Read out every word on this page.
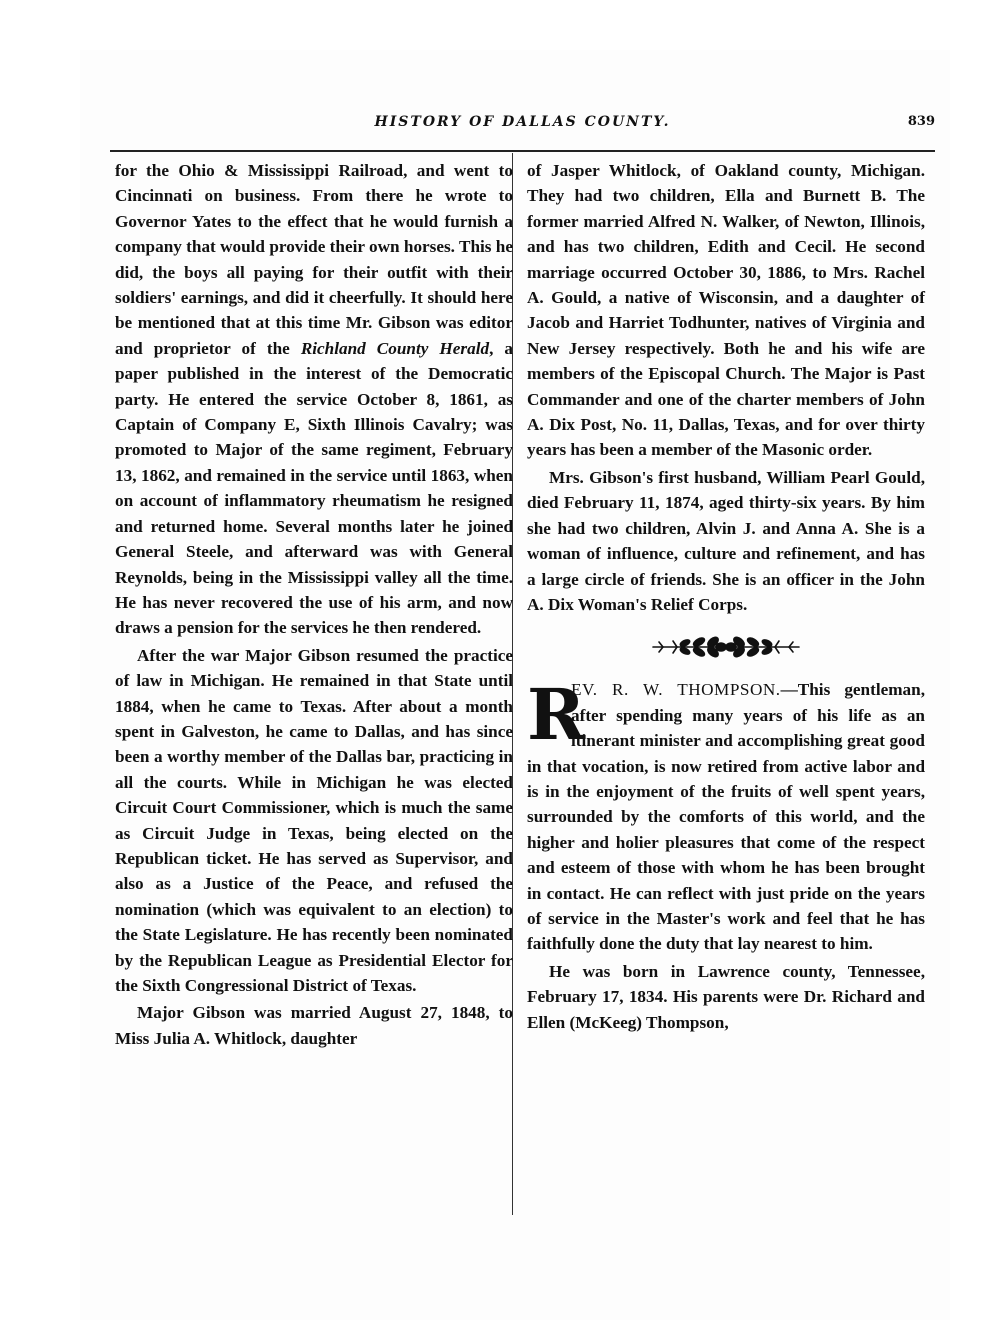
HISTORY OF DALLAS COUNTY.	839

for the Ohio & Mississippi Railroad, and went to Cincinnati on business. From there he wrote to Governor Yates to the effect that he would furnish a company that would provide their own horses. This he did, the boys all paying for their outfit with their soldiers' earnings, and did it cheerfully. It should here be mentioned that at this time Mr. Gibson was editor and proprietor of the Richland County Herald, a paper published in the interest of the Democratic party. He entered the service October 8, 1861, as Captain of Company E, Sixth Illinois Cavalry; was promoted to Major of the same regiment, February 13, 1862, and remained in the service until 1863, when on account of inflammatory rheumatism he resigned and returned home. Several months later he joined General Steele, and afterward was with General Reynolds, being in the Mississippi valley all the time. He has never recovered the use of his arm, and now draws a pension for the services he then rendered.

After the war Major Gibson resumed the practice of law in Michigan. He remained in that State until 1884, when he came to Texas. After about a month spent in Galveston, he came to Dallas, and has since been a worthy member of the Dallas bar, practicing in all the courts. While in Michigan he was elected Circuit Court Commissioner, which is much the same as Circuit Judge in Texas, being elected on the Republican ticket. He has served as Supervisor, and also as a Justice of the Peace, and refused the nomination (which was equivalent to an election) to the State Legislature. He has recently been nominated by the Republican League as Presidential Elector for the Sixth Congressional District of Texas.

Major Gibson was married August 27, 1848, to Miss Julia A. Whitlock, daughter

of Jasper Whitlock, of Oakland county, Michigan. They had two children, Ella and Burnett B. The former married Alfred N. Walker, of Newton, Illinois, and has two children, Edith and Cecil. He second marriage occurred October 30, 1886, to Mrs. Rachel A. Gould, a native of Wisconsin, and a daughter of Jacob and Harriet Todhunter, natives of Virginia and New Jersey respectively. Both he and his wife are members of the Episcopal Church. The Major is Past Commander and one of the charter members of John A. Dix Post, No. 11, Dallas, Texas, and for over thirty years has been a member of the Masonic order.

Mrs. Gibson's first husband, William Pearl Gould, died February 11, 1874, aged thirty-six years. By him she had two children, Alvin J. and Anna A. She is a woman of influence, culture and refinement, and has a large circle of friends. She is an officer in the John A. Dix Woman's Relief Corps.

R
EV. R. W. THOMPSON.—This gentleman, after spending many years of his life as an itinerant minister and accomplishing great good in that vocation, is now retired from active labor and is in the enjoyment of the fruits of well spent years, surrounded by the comforts of this world, and the higher and holier pleasures that come of the respect and esteem of those with whom he has been brought in contact. He can reflect with just pride on the years of service in the Master's work and feel that he has faithfully done the duty that lay nearest to him.

He was born in Lawrence county, Tennessee, February 17, 1834. His parents were Dr. Richard and Ellen (McKeeg) Thompson,
